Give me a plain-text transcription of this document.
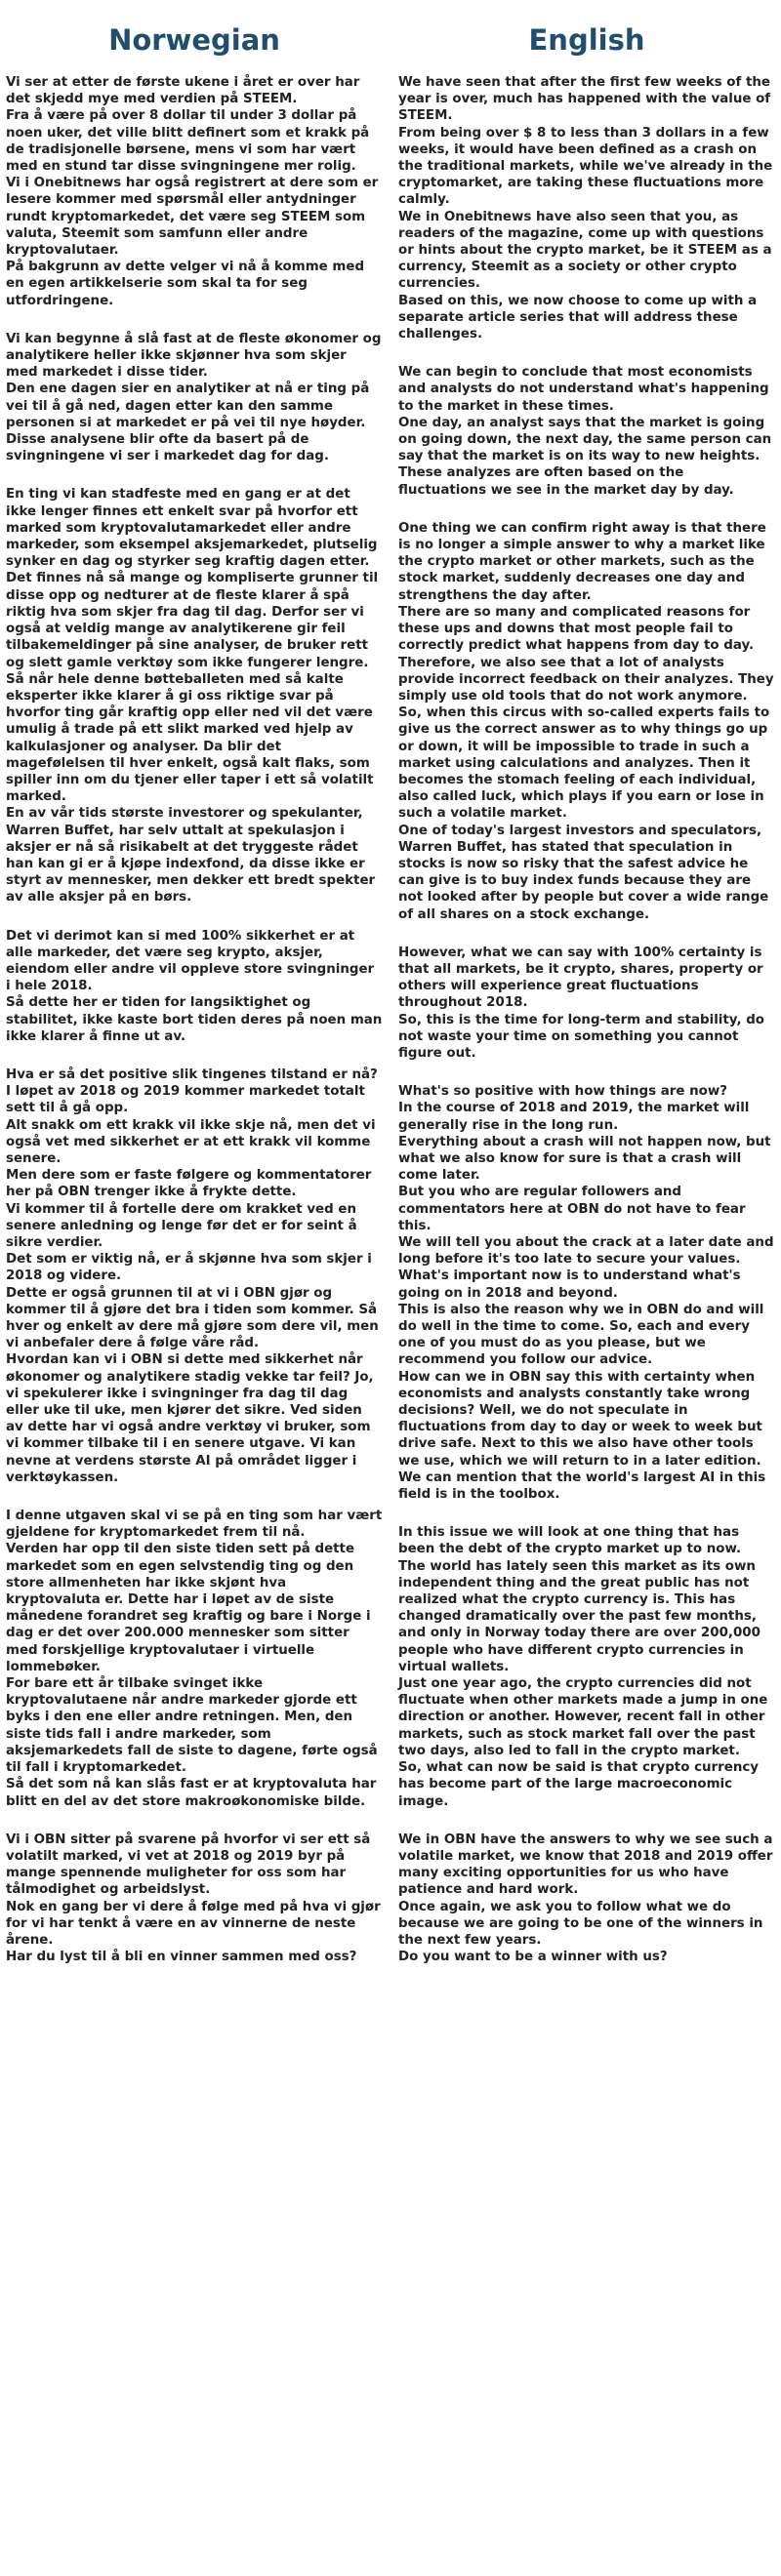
Norwegian
Vi ser at etter de første ukene i året er over har det skjedd mye med verdien på STEEM.
Fra å være på over 8 dollar til under 3 dollar på noen uker, det ville blitt definert som et krakk på de tradisjonelle børsene, mens vi som har vært med en stund tar disse svingningene mer rolig.
Vi i Onebitnews har også registrert at dere som er lesere kommer med spørsmål eller antydninger rundt kryptomarkedet, det være seg STEEM som valuta, Steemit som samfunn eller andre kryptovalutaer.
På bakgrunn av dette velger vi nå å komme med en egen artikkelserie som skal ta for seg utfordringene.
Vi kan begynne å slå fast at de fleste økonomer og analytikere heller ikke skjønner hva som skjer med markedet i disse tider.
Den ene dagen sier en analytiker at nå er ting på vei til å gå ned, dagen etter kan den samme personen si at markedet er på vei til nye høyder.
Disse analysene blir ofte da basert på de svingningene vi ser i markedet dag for dag.
En ting vi kan stadfeste med en gang er at det ikke lenger finnes ett enkelt svar på hvorfor ett marked som kryptovalutamarkedet eller andre markeder, som eksempel aksjemarkedet, plutselig synker en dag og styrker seg kraftig dagen etter.
Det finnes nå så mange og kompliserte grunner til disse opp og nedturer at de fleste klarer å spå riktig hva som skjer fra dag til dag. Derfor ser vi også at veldig mange av analytikerene gir feil tilbakemeldinger på sine analyser, de bruker rett og slett gamle verktøy som ikke fungerer lengre.
Så når hele denne bøtteballeten med så kalte eksperter ikke klarer å gi oss riktige svar på hvorfor ting går kraftig opp eller ned vil det være umulig å trade på ett slikt marked ved hjelp av kalkulasjoner og analyser. Da blir det magefølelsen til hver enkelt, også kalt flaks, som spiller inn om du tjener eller taper i ett så volatilt marked.
En av vår tids største investorer og spekulanter, Warren Buffet, har selv uttalt at spekulasjon i aksjer er nå så risikabelt at det tryggeste rådet han kan gi er å kjøpe indexfond, da disse ikke er styrt av mennesker, men dekker ett bredt spekter av alle aksjer på en børs.
Det vi derimot kan si med 100% sikkerhet er at alle markeder, det være seg krypto, aksjer, eiendom eller andre vil oppleve store svingninger i hele 2018.
Så dette her er tiden for langsiktighet og stabilitet, ikke kaste bort tiden deres på noen man ikke klarer å finne ut av.
Hva er så det positive slik tingenes tilstand er nå?
I løpet av 2018 og 2019 kommer markedet totalt sett til å gå opp.
Alt snakk om ett krakk vil ikke skje nå, men det vi også vet med sikkerhet er at ett krakk vil komme senere.
Men dere som er faste følgere og kommentatorer her på OBN trenger ikke å frykte dette.
Vi kommer til å fortelle dere om krakket ved en senere anledning og lenge før det er for seint å sikre verdier.
Det som er viktig nå, er å skjønne hva som skjer i 2018 og videre.
Dette er også grunnen til at vi i OBN gjør og kommer til å gjøre det bra i tiden som kommer. Så hver og enkelt av dere må gjøre som dere vil, men vi anbefaler dere å følge våre råd.
Hvordan kan vi i OBN si dette med sikkerhet når økonomer og analytikere stadig vekke tar feil? Jo, vi spekulerer ikke i svingninger fra dag til dag eller uke til uke, men kjører det sikre. Ved siden av dette har vi også andre verktøy vi bruker, som vi kommer tilbake til i en senere utgave. Vi kan nevne at verdens største AI på området ligger i verktøykassen.
I denne utgaven skal vi se på en ting som har vært gjeldene for kryptomarkedet frem til nå.
Verden har opp til den siste tiden sett på dette markedet som en egen selvstendig ting og den store allmenheten har ikke skjønt hva kryptovaluta er. Dette har i løpet av de siste månedene forandret seg kraftig og bare i Norge i dag er det over 200.000 mennesker som sitter med forskjellige kryptovalutaer i virtuelle lommebøker.
For bare ett år tilbake svinget ikke kryptovalutaene når andre markeder gjorde ett byks i den ene eller andre retningen. Men, den siste tids fall i andre markeder, som aksjemarkedets fall de siste to dagene, førte også til fall i kryptomarkedet.
Så det som nå kan slås fast er at kryptovaluta har blitt en del av det store makroøkonomiske bilde.
Vi i OBN sitter på svarene på hvorfor vi ser ett så volatilt marked, vi vet at 2018 og 2019 byr på mange spennende muligheter for oss som har tålmodighet og arbeidslyst.
Nok en gang ber vi dere å følge med på hva vi gjør for vi har tenkt å være en av vinnerne de neste årene.
Har du lyst til å bli en vinner sammen med oss?
English
We have seen that after the first few weeks of the year is over, much has happened with the value of STEEM.
From being over $ 8 to less than 3 dollars in a few weeks, it would have been defined as a crash on the traditional markets, while we've already in the cryptomarket, are taking these fluctuations more calmly.
We in Onebitnews have also seen that you, as readers of the magazine, come up with questions or hints about the crypto market, be it STEEM as a currency, Steemit as a society or other crypto currencies.
Based on this, we now choose to come up with a separate article series that will address these challenges.
We can begin to conclude that most economists and analysts do not understand what's happening to the market in these times.
One day, an analyst says that the market is going on going down, the next day, the same person can say that the market is on its way to new heights.
These analyzes are often based on the fluctuations we see in the market day by day.
One thing we can confirm right away is that there is no longer a simple answer to why a market like the crypto market or other markets, such as the stock market, suddenly decreases one day and strengthens the day after.
There are so many and complicated reasons for these ups and downs that most people fail to correctly predict what happens from day to day. Therefore, we also see that a lot of analysts provide incorrect feedback on their analyzes. They simply use old tools that do not work anymore.
So, when this circus with so-called experts fails to give us the correct answer as to why things go up or down, it will be impossible to trade in such a market using calculations and analyzes. Then it becomes the stomach feeling of each individual, also called luck, which plays if you earn or lose in such a volatile market.
One of today's largest investors and speculators, Warren Buffet, has stated that speculation in stocks is now so risky that the safest advice he can give is to buy index funds because they are not looked after by people but cover a wide range of all shares on a stock exchange.
However, what we can say with 100% certainty is that all markets, be it crypto, shares, property or others will experience great fluctuations throughout 2018.
So, this is the time for long-term and stability, do not waste your time on something you cannot figure out.
What's so positive with how things are now?
In the course of 2018 and 2019, the market will generally rise in the long run.
Everything about a crash will not happen now, but what we also know for sure is that a crash will come later.
But you who are regular followers and commentators here at OBN do not have to fear this.
We will tell you about the crack at a later date and long before it's too late to secure your values.
What's important now is to understand what's going on in 2018 and beyond.
This is also the reason why we in OBN do and will do well in the time to come. So, each and every one of you must do as you please, but we recommend you follow our advice.
How can we in OBN say this with certainty when economists and analysts constantly take wrong decisions? Well, we do not speculate in fluctuations from day to day or week to week but drive safe. Next to this we also have other tools we use, which we will return to in a later edition. We can mention that the world's largest AI in this field is in the toolbox.
In this issue we will look at one thing that has been the debt of the crypto market up to now.
The world has lately seen this market as its own independent thing and the great public has not realized what the crypto currency is. This has changed dramatically over the past few months, and only in Norway today there are over 200,000 people who have different crypto currencies in virtual wallets.
Just one year ago, the crypto currencies did not fluctuate when other markets made a jump in one direction or another. However, recent fall in other markets, such as stock market fall over the past two days, also led to fall in the crypto market.
So, what can now be said is that crypto currency has become part of the large macroeconomic image.
We in OBN have the answers to why we see such a volatile market, we know that 2018 and 2019 offer many exciting opportunities for us who have patience and hard work.
Once again, we ask you to follow what we do because we are going to be one of the winners in the next few years.
Do you want to be a winner with us?
